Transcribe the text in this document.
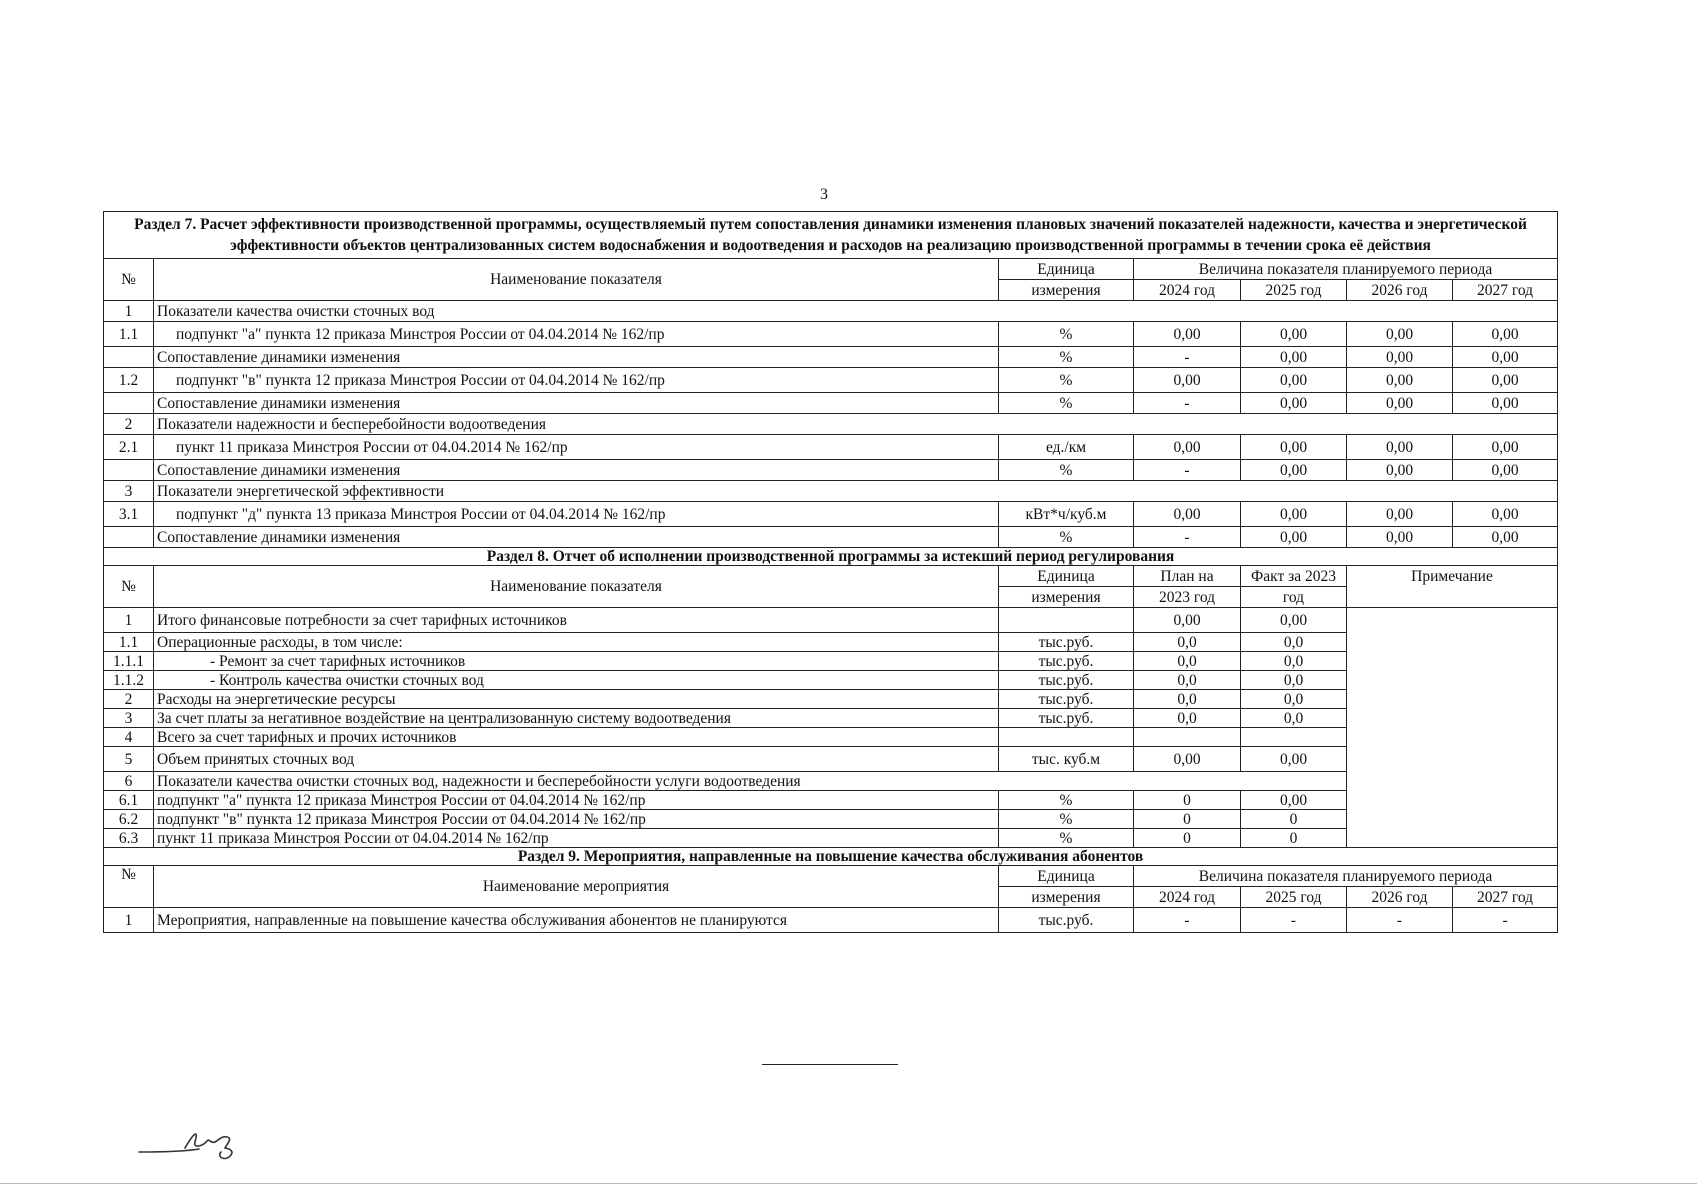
3
Раздел 7. Расчет эффективности производственной программы, осуществляемый путем сопоставления динамики изменения плановых значений показателей надежности, качества и энергетической эффективности объектов централизованных систем водоснабжения и водоотведения и расходов на реализацию производственной программы в течении срока её действия						
№	Наименование показателя	Единица	Величина показателя планируемого периода			
		измерения	2024 год	2025 год	2026 год	2027 год
1	Показатели качества очистки сточных вод					
1.1	подпункт "а" пункта 12 приказа Минстроя России от 04.04.2014 № 162/пр	%	0,00	0,00	0,00	0,00
	Сопоставление динамики изменения	%	-	0,00	0,00	0,00
1.2	подпункт "в" пункта 12 приказа Минстроя России от 04.04.2014 № 162/пр	%	0,00	0,00	0,00	0,00
	Сопоставление динамики изменения	%	-	0,00	0,00	0,00
2	Показатели надежности и бесперебойности водоотведения					
2.1	пункт 11 приказа Минстроя России от 04.04.2014 № 162/пр	ед./км	0,00	0,00	0,00	0,00
	Сопоставление динамики изменения	%	-	0,00	0,00	0,00
3	Показатели энергетической эффективности					
3.1	подпункт "д" пункта 13 приказа Минстроя России от 04.04.2014 № 162/пр	кВт*ч/куб.м	0,00	0,00	0,00	0,00
	Сопоставление динамики изменения	%	-	0,00	0,00	0,00
Раздел 8. Отчет об исполнении производственной программы за истекший период регулирования						
№	Наименование показателя	Единица	План на	Факт за 2023	Примечание	
		измерения	2023 год	год		
1	Итого финансовые потребности за счет тарифных источников		0,00	0,00		
1.1	Операционные расходы, в том числе:	тыс.руб.	0,0	0,0		
1.1.1	- Ремонт за счет тарифных источников	тыс.руб.	0,0	0,0		
1.1.2	- Контроль качества очистки сточных вод	тыс.руб.	0,0	0,0		
2	Расходы на энергетические ресурсы	тыс.руб.	0,0	0,0		
3	За счет платы за негативное воздействие на централизованную систему водоотведения	тыс.руб.	0,0	0,0		
4	Всего за счет тарифных и прочих источников					
5	Объем принятых сточных вод	тыс. куб.м	0,00	0,00		
6	Показатели качества очистки сточных вод, надежности и бесперебойности услуги водоотведения					
6.1	подпункт "а" пункта 12 приказа Минстроя России от 04.04.2014 № 162/пр	%	0	0,00		
6.2	подпункт "в" пункта 12 приказа Минстроя России от 04.04.2014 № 162/пр	%	0	0		
6.3	пункт 11 приказа Минстроя России от 04.04.2014 № 162/пр	%	0	0		
Раздел 9. Мероприятия, направленные на повышение качества обслуживания абонентов						
№	Наименование мероприятия	Единица	Величина показателя планируемого периода			
		измерения	2024 год	2025 год	2026 год	2027 год
1	Мероприятия, направленные на повышение качества обслуживания абонентов не планируются	тыс.руб.	-	-	-	-
